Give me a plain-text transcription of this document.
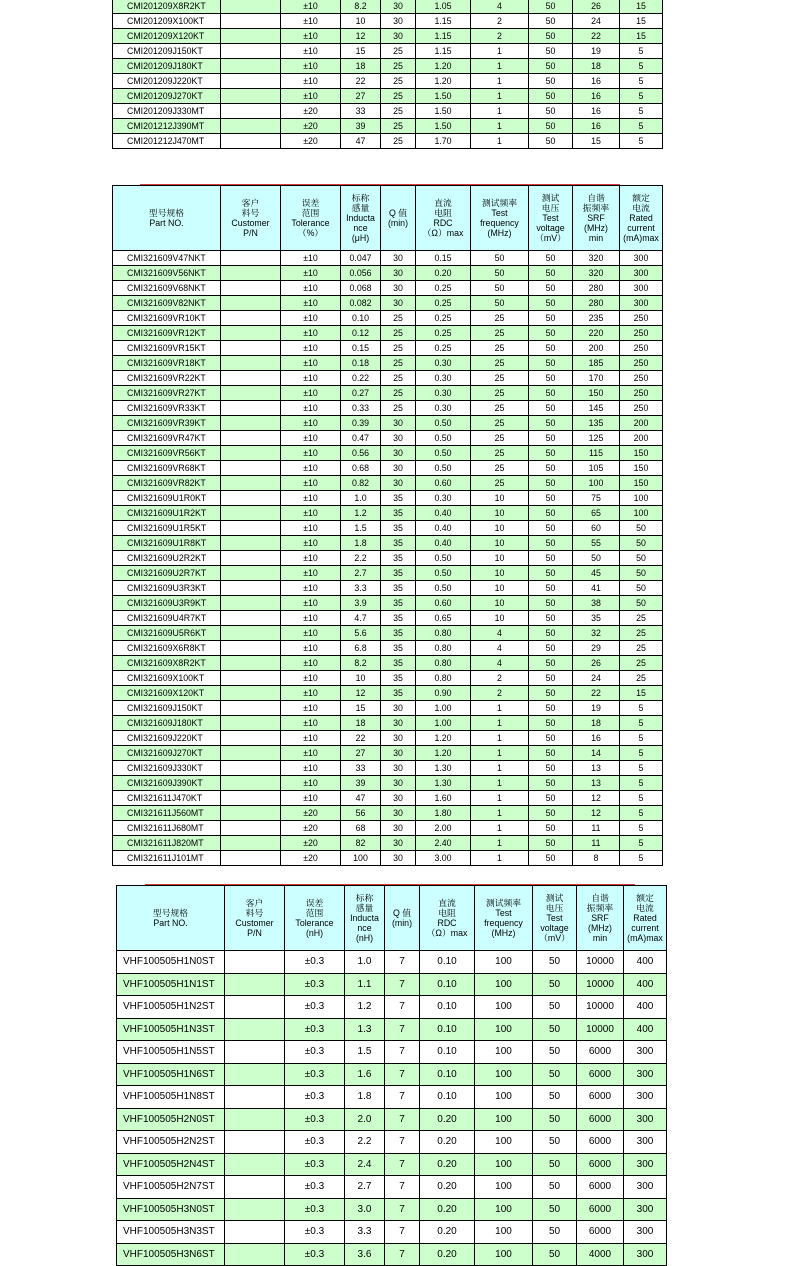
CMI201209X8R2KT		±10	8.2	30	1.05	4	50	26	15
CMI201209X100KT		±10	10	30	1.15	2	50	24	15
CMI201209X120KT		±10	12	30	1.15	2	50	22	15
CMI201209J150KT		±10	15	25	1.15	1	50	19	5
CMI201209J180KT		±10	18	25	1.20	1	50	18	5
CMI201209J220KT		±10	22	25	1.20	1	50	16	5
CMI201209J270KT		±10	27	25	1.50	1	50	16	5
CMI201209J330MT		±20	33	25	1.50	1	50	16	5
CMI201212J390MT		±20	39	25	1.50	1	50	16	5
CMI201212J470MT		±20	47	25	1.70	1	50	15	5
型号规格
Part NO.	客户
料号
Customer
P/N	误差
范围
Tolerance
（%）	标称
感量
Inducta
nce
(μH)	Q 值
(min)	直流
电阻
RDC
（Ω）max	测试频率
Test
frequency
(MHz)	测试
电压
Test
voltage
（mV）	自谐
振频率
SRF
(MHz)
min	额定
电流
Rated
current
(mA)max
CMI321609V47NKT		±10	0.047	30	0.15	50	50	320	300
CMI321609V56NKT		±10	0.056	30	0.20	50	50	320	300
CMI321609V68NKT		±10	0.068	30	0.25	50	50	280	300
CMI321609V82NKT		±10	0.082	30	0.25	50	50	280	300
CMI321609VR10KT		±10	0.10	25	0.25	25	50	235	250
CMI321609VR12KT		±10	0.12	25	0.25	25	50	220	250
CMI321609VR15KT		±10	0.15	25	0.25	25	50	200	250
CMI321609VR18KT		±10	0.18	25	0.30	25	50	185	250
CMI321609VR22KT		±10	0.22	25	0.30	25	50	170	250
CMI321609VR27KT		±10	0.27	25	0.30	25	50	150	250
CMI321609VR33KT		±10	0.33	25	0.30	25	50	145	250
CMI321609VR39KT		±10	0.39	30	0.50	25	50	135	200
CMI321609VR47KT		±10	0.47	30	0.50	25	50	125	200
CMI321609VR56KT		±10	0.56	30	0.50	25	50	115	150
CMI321609VR68KT		±10	0.68	30	0.50	25	50	105	150
CMI321609VR82KT		±10	0.82	30	0.60	25	50	100	150
CMI321609U1R0KT		±10	1.0	35	0.30	10	50	75	100
CMI321609U1R2KT		±10	1.2	35	0.40	10	50	65	100
CMI321609U1R5KT		±10	1.5	35	0.40	10	50	60	50
CMI321609U1R8KT		±10	1.8	35	0.40	10	50	55	50
CMI321609U2R2KT		±10	2.2	35	0.50	10	50	50	50
CMI321609U2R7KT		±10	2.7	35	0.50	10	50	45	50
CMI321609U3R3KT		±10	3.3	35	0.50	10	50	41	50
CMI321609U3R9KT		±10	3.9	35	0.60	10	50	38	50
CMI321609U4R7KT		±10	4.7	35	0.65	10	50	35	25
CMI321609U5R6KT		±10	5.6	35	0.80	4	50	32	25
CMI321609X6R8KT		±10	6.8	35	0.80	4	50	29	25
CMI321609X8R2KT		±10	8.2	35	0.80	4	50	26	25
CMI321609X100KT		±10	10	35	0.80	2	50	24	25
CMI321609X120KT		±10	12	35	0.90	2	50	22	15
CMI321609J150KT		±10	15	30	1.00	1	50	19	5
CMI321609J180KT		±10	18	30	1.00	1	50	18	5
CMI321609J220KT		±10	22	30	1.20	1	50	16	5
CMI321609J270KT		±10	27	30	1.20	1	50	14	5
CMI321609J330KT		±10	33	30	1.30	1	50	13	5
CMI321609J390KT		±10	39	30	1.30	1	50	13	5
CMI321611J470KT		±10	47	30	1.60	1	50	12	5
CMI321611J560MT		±20	56	30	1.80	1	50	12	5
CMI321611J680MT		±20	68	30	2.00	1	50	11	5
CMI321611J820MT		±20	82	30	2.40	1	50	11	5
CMI321611J101MT		±20	100	30	3.00	1	50	8	5
型号规格
Part NO.	客户
料号
Customer
P/N	误差
范围
Tolerance
(nH)	标称
感量
Inducta
nce
(nH)	Q 值
(min)	直流
电阻
RDC
（Ω）max	测试频率
Test
frequency
(MHz)	测试
电压
Test
voltage
（mV）	自谐
振频率
SRF
(MHz)
min	额定
电流
Rated
current
(mA)max
VHF100505H1N0ST		±0.3	1.0	7	0.10	100	50	10000	400
VHF100505H1N1ST		±0.3	1.1	7	0.10	100	50	10000	400
VHF100505H1N2ST		±0.3	1.2	7	0.10	100	50	10000	400
VHF100505H1N3ST		±0.3	1.3	7	0.10	100	50	10000	400
VHF100505H1N5ST		±0.3	1.5	7	0.10	100	50	6000	300
VHF100505H1N6ST		±0.3	1.6	7	0.10	100	50	6000	300
VHF100505H1N8ST		±0.3	1.8	7	0.10	100	50	6000	300
VHF100505H2N0ST		±0.3	2.0	7	0.20	100	50	6000	300
VHF100505H2N2ST		±0.3	2.2	7	0.20	100	50	6000	300
VHF100505H2N4ST		±0.3	2.4	7	0.20	100	50	6000	300
VHF100505H2N7ST		±0.3	2.7	7	0.20	100	50	6000	300
VHF100505H3N0ST		±0.3	3.0	7	0.20	100	50	6000	300
VHF100505H3N3ST		±0.3	3.3	7	0.20	100	50	6000	300
VHF100505H3N6ST		±0.3	3.6	7	0.20	100	50	4000	300
